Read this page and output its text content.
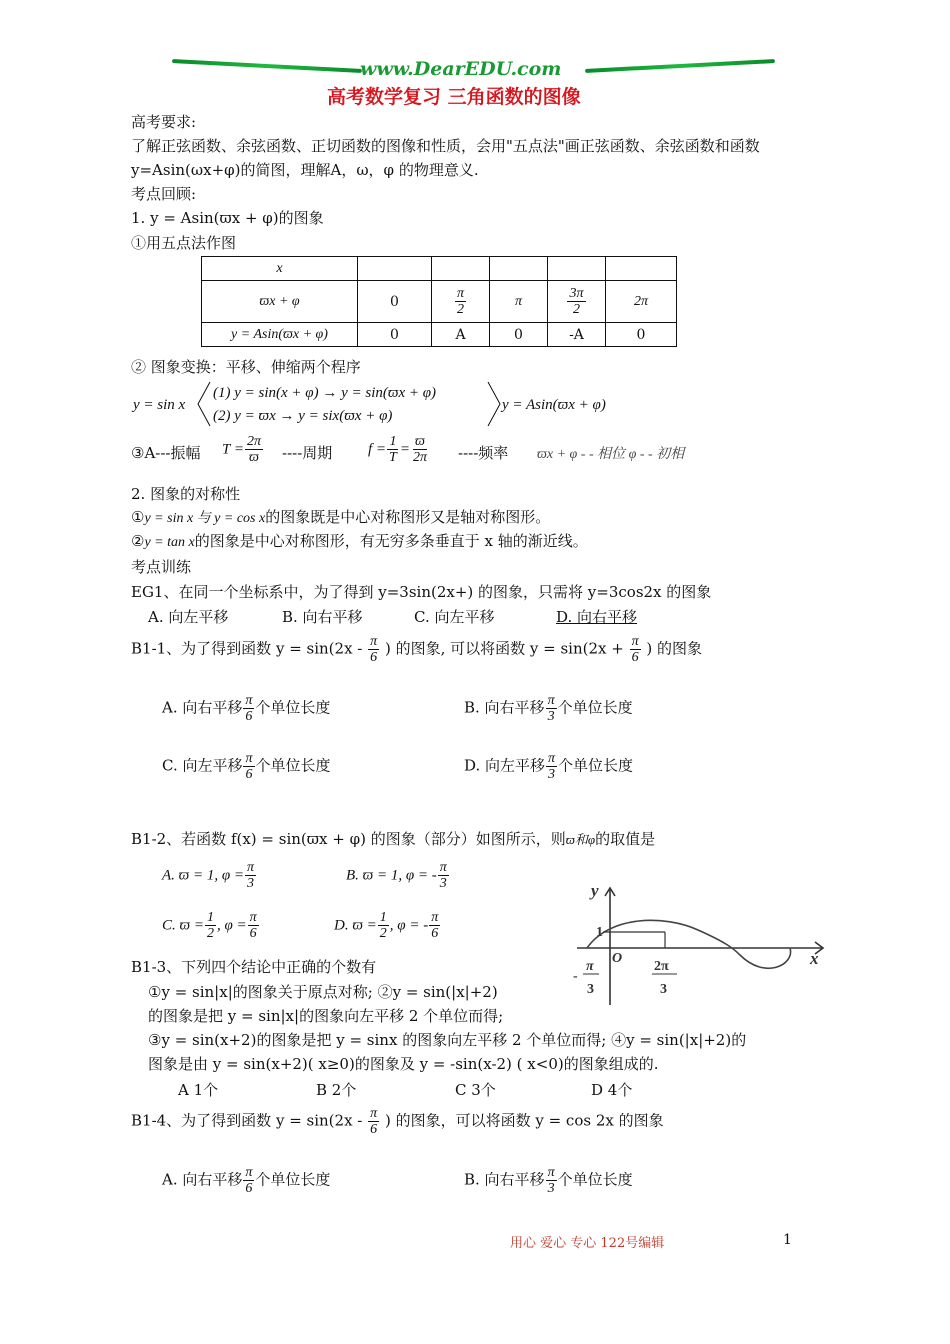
www.DearEDU.com
高考数学复习 三角函数的图像
高考要求:
了解正弦函数、余弦函数、正切函数的图像和性质，会用"五点法"画正弦函数、余弦函数和函数
y=Asin(ωx+φ)的简图，理解A，ω，φ 的物理意义.
考点回顾:
1. y = Asin(ϖx + φ)的图象
①用五点法作图
x					
ϖx + φ	0	$\frac{\pi}{2}$	π	$\frac{3\pi}{2}$	2π
y = Asin(ϖx + φ)	0	A	0	-A	0
② 图象变换：平移、伸缩两个程序
y = sin x
(1) y = sin(x + φ) → y = sin(ϖx + φ)
(2) y = ϖx → y = six(ϖx + φ)
y = Asin(ϖx + φ)
③A---振幅 $T = \frac{2\pi}{ϖ}$ ----周期 $f = \frac{1}{T} = \frac{ϖ}{2\pi}$ ----频率 ϖx + φ - - 相位 φ - - 初相
2. 图象的对称性
①y = sin x 与 y = cos x的图象既是中心对称图形又是轴对称图形。
②y = tan x的图象是中心对称图形，有无穷多条垂直于 x 轴的渐近线。
考点训练
EG1、在同一个坐标系中，为了得到 y=3sin(2x+) 的图象，只需将 y=3cos2x 的图象
A. 向左平移	B. 向右平移	C. 向左平移	D. 向右平移
B1-1、为了得到函数 $y = \sin(2x - \frac{\pi}{6}$ ) 的图象, 可以将函数 $y = \sin(2x + \frac{\pi}{6}$ ) 的图象
A. 向右平移 $\frac{\pi}{6}$ 个单位长度	B. 向右平移 $\frac{\pi}{3}$ 个单位长度
C. 向左平移 $\frac{\pi}{6}$ 个单位长度	D. 向左平移 $\frac{\pi}{3}$ 个单位长度
B1-2、若函数 f(x) = sin(ϖx + φ) 的图象（部分）如图所示，则ϖ和φ的取值是
A. ϖ = 1, $\varphi = \frac{\pi}{3}$	B. ϖ = 1, φ = - $\frac{\pi}{3}$
C. $ϖ = \frac{1}{2}$ , $\varphi = \frac{\pi}{6}$	D. $ϖ = \frac{1}{2}$ , φ = - $\frac{\pi}{6}$
y
x
1
O
-
π
3
2π
3
B1-3、下列四个结论中正确的个数有
①y = sin|x|的图象关于原点对称; ②y = sin(|x|+2)
的图象是把 y = sin|x|的图象向左平移 2 个单位而得;
③y = sin(x+2)的图象是把 y = sinx 的图象向左平移 2 个单位而得; ④y = sin(|x|+2)的
图象是由 y = sin(x+2)( x≥0)的图象及 y = -sin(x-2) ( x<0)的图象组成的.
A 1个	B 2个	C 3个	D 4个
B1-4、为了得到函数 $y = \sin(2x - \frac{\pi}{6}$ ) 的图象，可以将函数 y = cos 2x 的图象
A. 向右平移 $\frac{\pi}{6}$ 个单位长度	B. 向右平移 $\frac{\pi}{3}$ 个单位长度
用心 爱心 专心 122号编辑	1
